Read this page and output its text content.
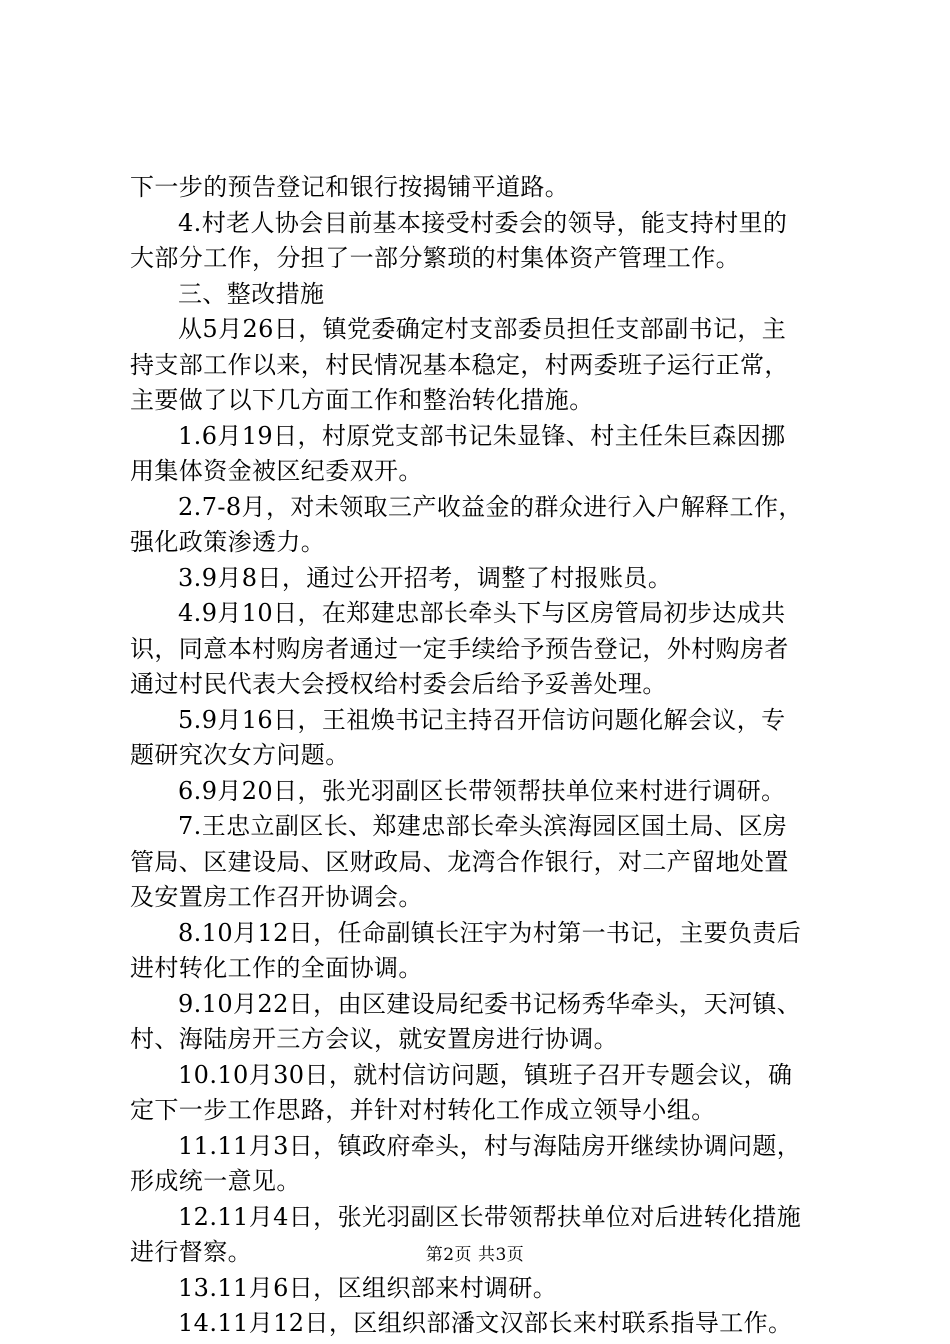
下一步的预告登记和银行按揭铺平道路。
4.村老人协会目前基本接受村委会的领导，能支持村里的
大部分工作，分担了一部分繁琐的村集体资产管理工作。
三、整改措施
从5月26日，镇党委确定村支部委员担任支部副书记，主
持支部工作以来，村民情况基本稳定，村两委班子运行正常，
主要做了以下几方面工作和整治转化措施。
1.6月19日，村原党支部书记朱显锋、村主任朱巨森因挪
用集体资金被区纪委双开。
2.7-8月，对未领取三产收益金的群众进行入户解释工作，
强化政策渗透力。
3.9月8日，通过公开招考，调整了村报账员。
4.9月10日，在郑建忠部长牵头下与区房管局初步达成共
识，同意本村购房者通过一定手续给予预告登记，外村购房者
通过村民代表大会授权给村委会后给予妥善处理。
5.9月16日，王祖焕书记主持召开信访问题化解会议，专
题研究次女方问题。
6.9月20日，张光羽副区长带领帮扶单位来村进行调研。
7.王忠立副区长、郑建忠部长牵头滨海园区国土局、区房
管局、区建设局、区财政局、龙湾合作银行，对二产留地处置
及安置房工作召开协调会。
8.10月12日，任命副镇长汪宇为村第一书记，主要负责后
进村转化工作的全面协调。
9.10月22日，由区建设局纪委书记杨秀华牵头，天河镇、
村、海陆房开三方会议，就安置房进行协调。
10.10月30日，就村信访问题，镇班子召开专题会议，确
定下一步工作思路，并针对村转化工作成立领导小组。
11.11月3日，镇政府牵头，村与海陆房开继续协调问题，
形成统一意见。
12.11月4日，张光羽副区长带领帮扶单位对后进转化措施
进行督察。
13.11月6日，区组织部来村调研。
14.11月12日，区组织部潘文汉部长来村联系指导工作。
第2页 共3页
